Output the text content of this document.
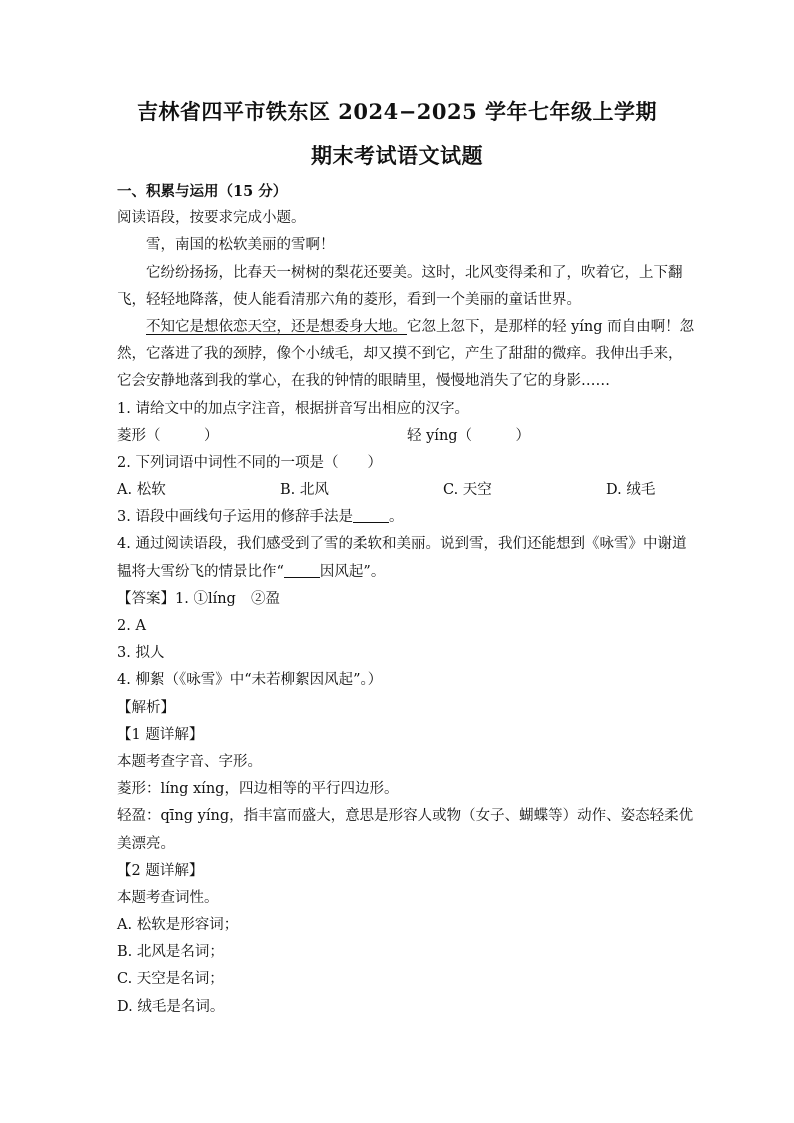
吉林省四平市铁东区 2024−2025 学年七年级上学期
期末考试语文试题
一、积累与运用（15 分）
阅读语段，按要求完成小题。
雪，南国的松软美丽的雪啊！
它纷纷扬扬，比春天一树树的梨花还要美。这时，北风变得柔和了，吹着它，上下翻
飞，轻轻地降落，使人能看清那六角的菱形，看到一个美丽的童话世界。
不知它是想依恋天空，还是想委身大地。它忽上忽下，是那样的轻 yíng 而自由啊！忽
然，它落进了我的颈脖，像个小绒毛，却又摸不到它，产生了甜甜的微痒。我伸出手来，
它会安静地落到我的掌心，在我的钟情的眼睛里，慢慢地消失了它的身影……
1. 请给文中的加点字注音，根据拼音写出相应的汉字。
菱形（　　　）	轻 yíng（　　　）
2. 下列词语中词性不同的一项是（　　）
A. 松软	B. 北风	C. 天空	D. 绒毛
3. 语段中画线句子运用的修辞手法是 。
4. 通过阅读语段，我们感受到了雪的柔软和美丽。说到雪，我们还能想到《咏雪》中谢道
韫将大雪纷飞的情景比作“ 因风起”。
【答案】1. ①líng ②盈
2. A
3. 拟人
4. 柳絮（《咏雪》中“未若柳絮因风起”。）
【解析】
【1 题详解】
本题考查字音、字形。
菱形：líng xíng，四边相等的平行四边形。
轻盈：qīng yíng，指丰富而盛大，意思是形容人或物（女子、蝴蝶等）动作、姿态轻柔优
美漂亮。
【2 题详解】
本题考查词性。
A. 松软是形容词；
B. 北风是名词；
C. 天空是名词；
D. 绒毛是名词。
